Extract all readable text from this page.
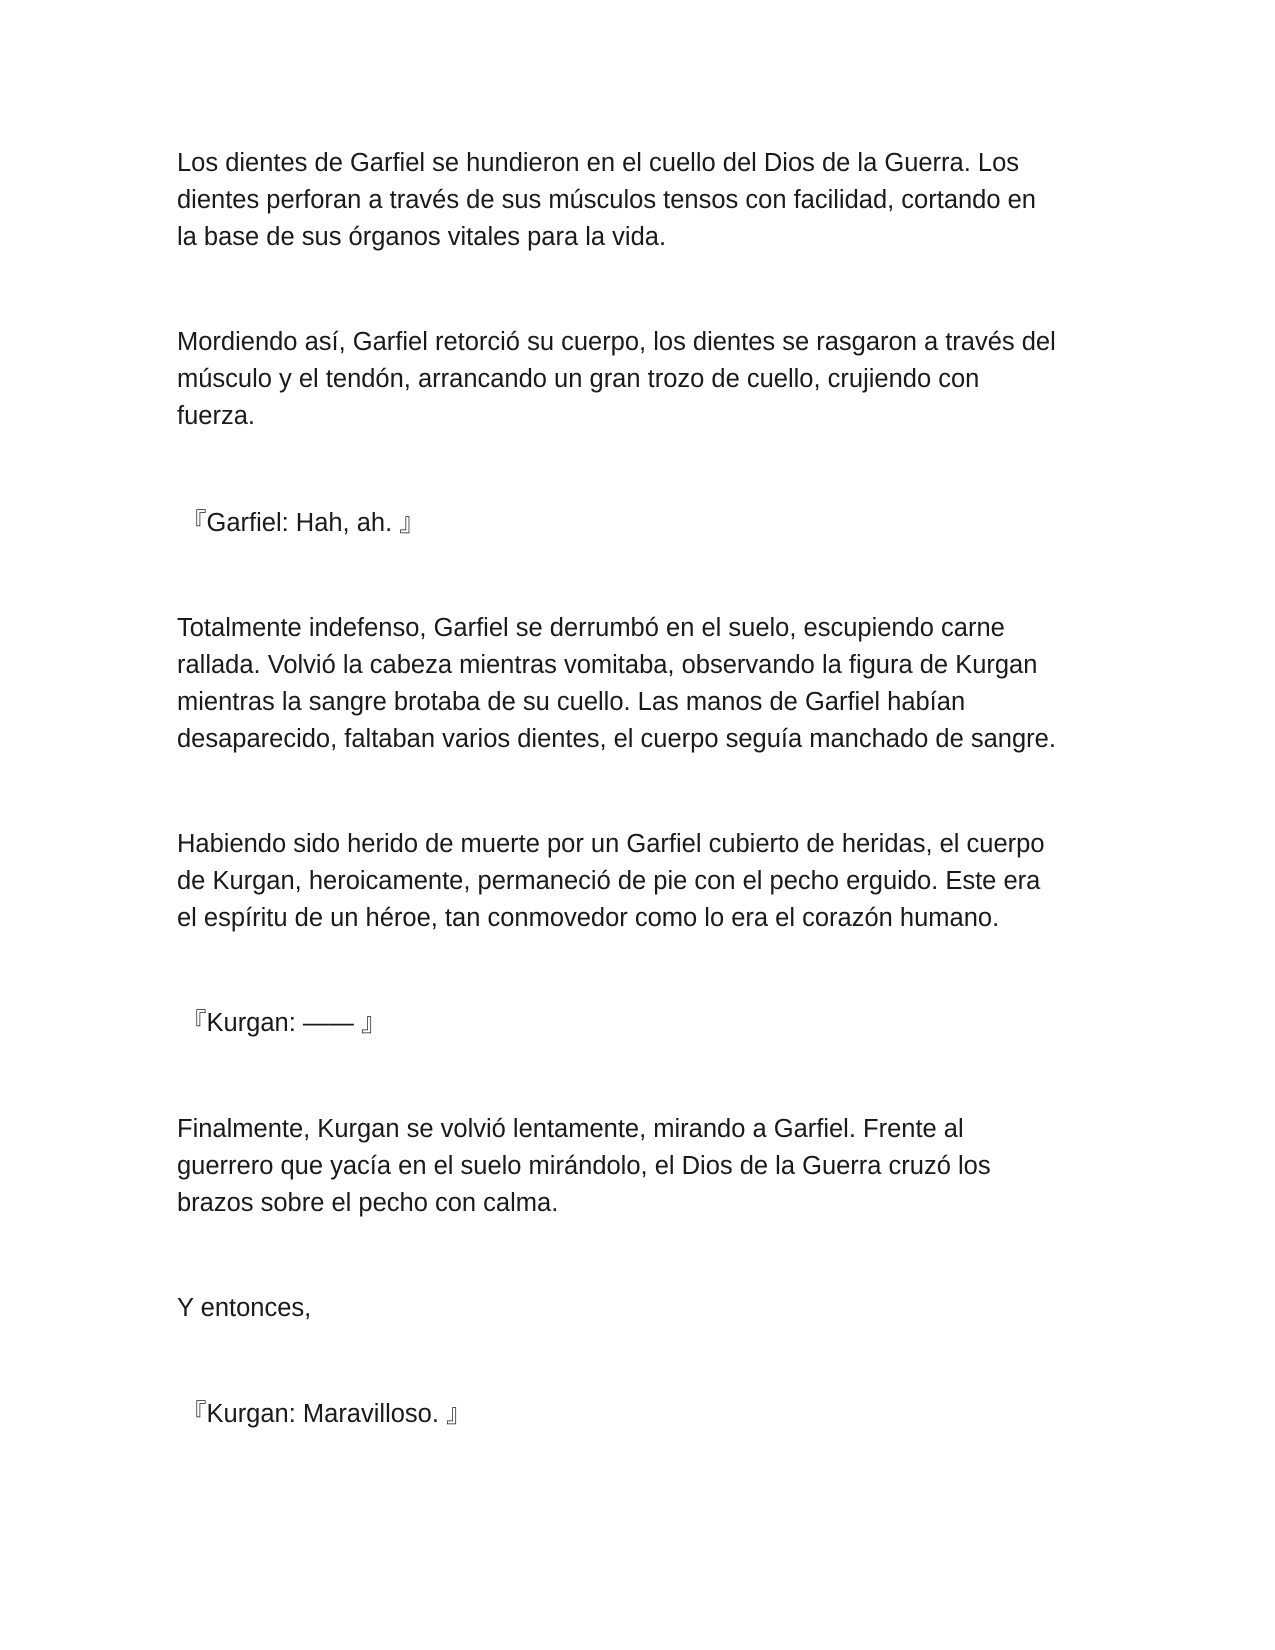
Los dientes de Garfiel se hundieron en el cuello del Dios de la Guerra. Los

dientes perforan a través de sus músculos tensos con facilidad, cortando en

la base de sus órganos vitales para la vida.

Mordiendo así, Garfiel retorció su cuerpo, los dientes se rasgaron a través del

músculo y el tendón, arrancando un gran trozo de cuello, crujiendo con

fuerza.

『Garfiel: Hah, ah. 』

Totalmente indefenso, Garfiel se derrumbó en el suelo, escupiendo carne

rallada. Volvió la cabeza mientras vomitaba, observando la figura de Kurgan

mientras la sangre brotaba de su cuello. Las manos de Garfiel habían

desaparecido, faltaban varios dientes, el cuerpo seguía manchado de sangre.

Habiendo sido herido de muerte por un Garfiel cubierto de heridas, el cuerpo

de Kurgan, heroicamente, permaneció de pie con el pecho erguido. Este era

el espíritu de un héroe, tan conmovedor como lo era el corazón humano.

『Kurgan: —— 』

Finalmente, Kurgan se volvió lentamente, mirando a Garfiel. Frente al

guerrero que yacía en el suelo mirándolo, el Dios de la Guerra cruzó los

brazos sobre el pecho con calma.

Y entonces,

『Kurgan: Maravilloso. 』
